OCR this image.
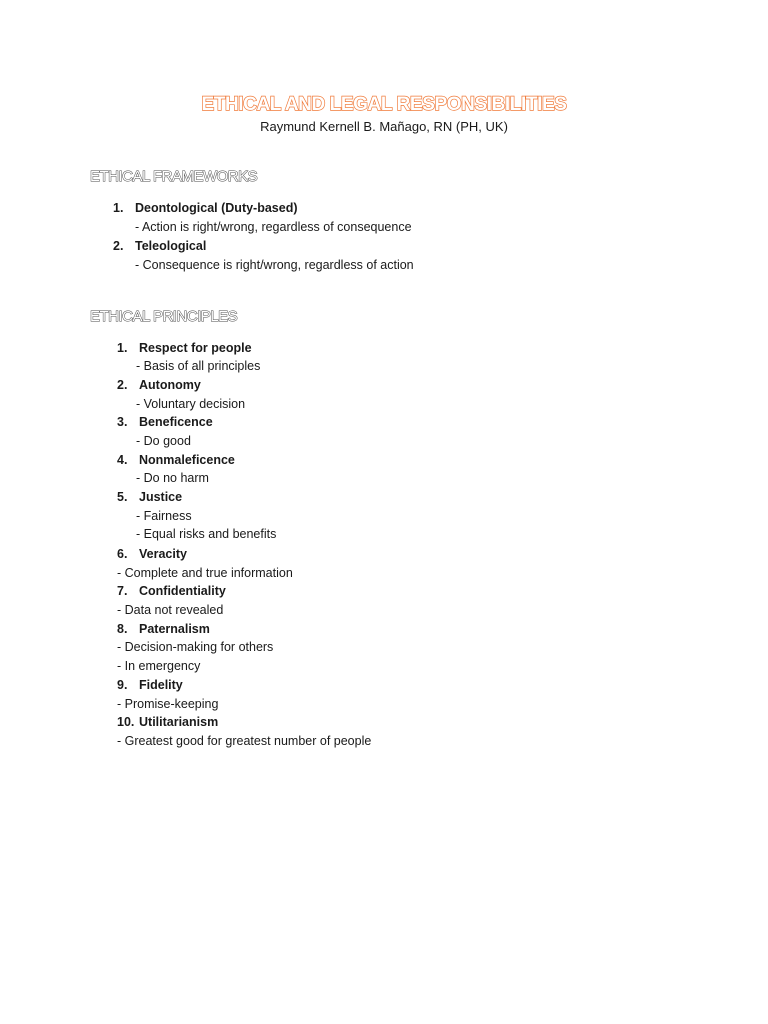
ETHICAL AND LEGAL RESPONSIBILITIES
Raymund Kernell B. Mañago, RN (PH, UK)
ETHICAL FRAMEWORKS
1. Deontological (Duty-based)
- Action is right/wrong, regardless of consequence
2. Teleological
- Consequence is right/wrong, regardless of action
ETHICAL PRINCIPLES
1. Respect for people
- Basis of all principles
2. Autonomy
- Voluntary decision
3. Beneficence
- Do good
4. Nonmaleficence
- Do no harm
5. Justice
- Fairness
- Equal risks and benefits
6. Veracity
- Complete and true information
7. Confidentiality
- Data not revealed
8. Paternalism
- Decision-making for others
- In emergency
9. Fidelity
- Promise-keeping
10. Utilitarianism
- Greatest good for greatest number of people
